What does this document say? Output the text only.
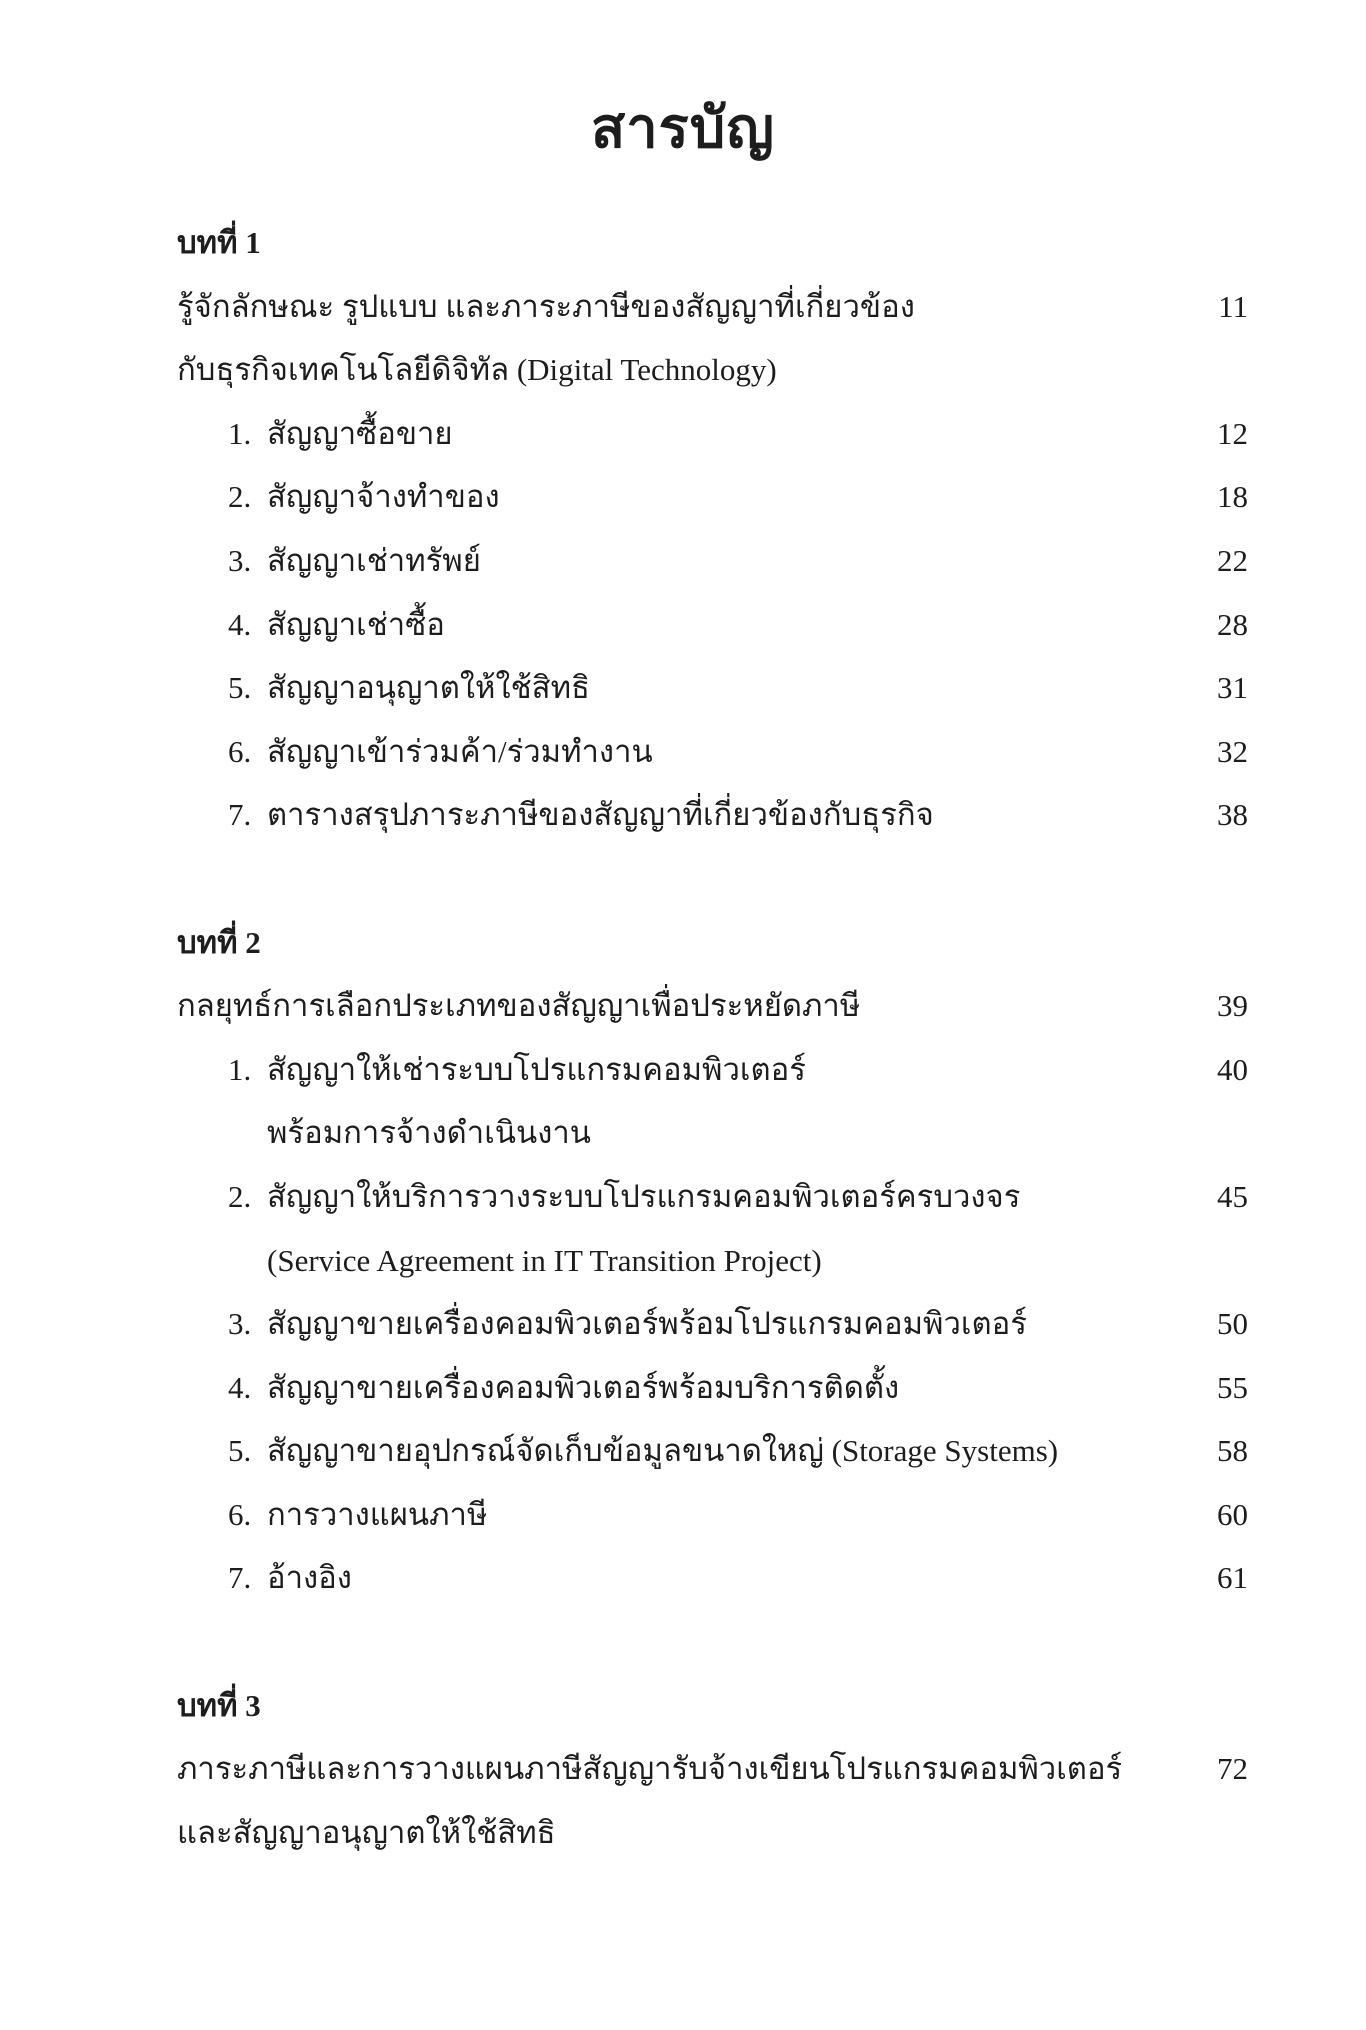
สารบัญ
บทที่ 1
รู้จักลักษณะ รูปแบบ และภาระภาษีของสัญญาที่เกี่ยวข้อง	11
กับธุรกิจเทคโนโลยีดิจิทัล (Digital Technology)
1. สัญญาซื้อขาย	12
2. สัญญาจ้างทำของ	18
3. สัญญาเช่าทรัพย์	22
4. สัญญาเช่าซื้อ	28
5. สัญญาอนุญาตให้ใช้สิทธิ	31
6. สัญญาเข้าร่วมค้า/ร่วมทำงาน	32
7. ตารางสรุปภาระภาษีของสัญญาที่เกี่ยวข้องกับธุรกิจ	38
บทที่ 2
กลยุทธ์การเลือกประเภทของสัญญาเพื่อประหยัดภาษี	39
1. สัญญาให้เช่าระบบโปรแกรมคอมพิวเตอร์	40
พร้อมการจ้างดำเนินงาน
2. สัญญาให้บริการวางระบบโปรแกรมคอมพิวเตอร์ครบวงจร	45
(Service Agreement in IT Transition Project)
3. สัญญาขายเครื่องคอมพิวเตอร์พร้อมโปรแกรมคอมพิวเตอร์	50
4. สัญญาขายเครื่องคอมพิวเตอร์พร้อมบริการติดตั้ง	55
5. สัญญาขายอุปกรณ์จัดเก็บข้อมูลขนาดใหญ่ (Storage Systems)	58
6. การวางแผนภาษี	60
7. อ้างอิง	61
บทที่ 3
ภาระภาษีและการวางแผนภาษีสัญญารับจ้างเขียนโปรแกรมคอมพิวเตอร์	72
และสัญญาอนุญาตให้ใช้สิทธิ
